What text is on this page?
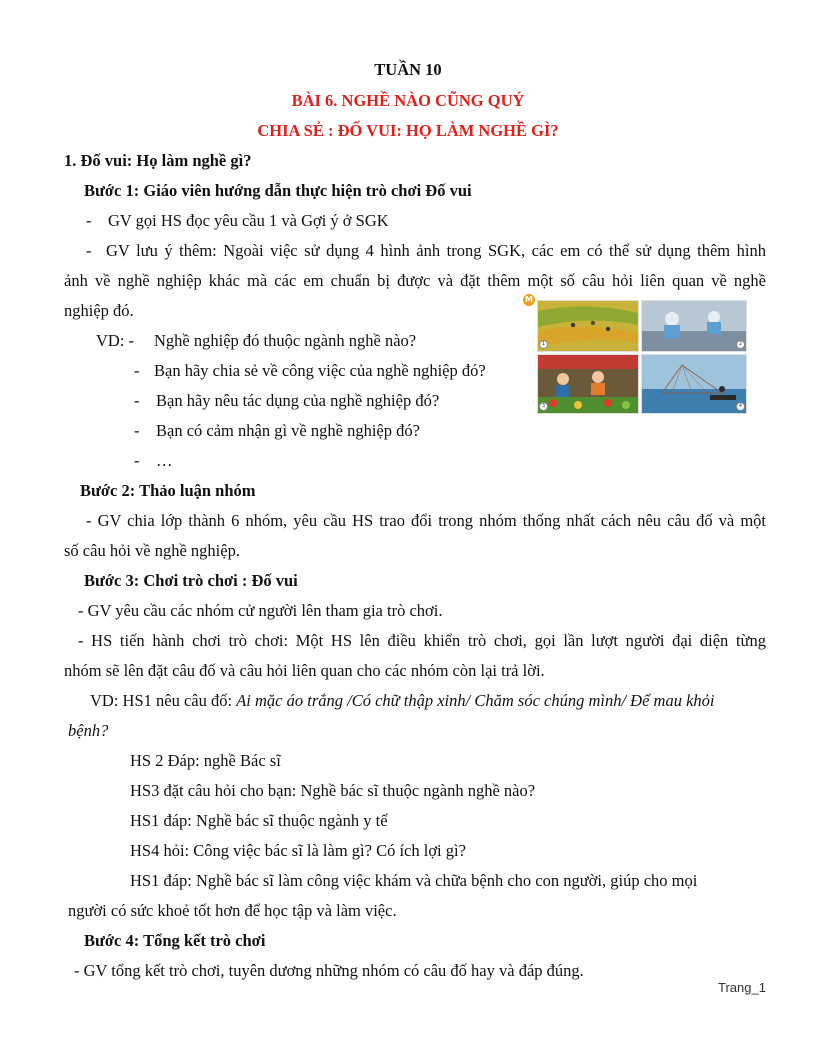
TUẦN 10
BÀI 6. NGHỀ NÀO CŨNG QUÝ
CHIA SẺ : ĐỐ VUI: HỌ LÀM NGHỀ GÌ?
1. Đố vui: Họ làm nghề gì?
Bước 1: Giáo viên hướng dẫn thực hiện trò chơi Đố vui
- GV gọi HS đọc yêu cầu 1 và Gợi ý ở SGK
- GV lưu ý thêm: Ngoài việc sử dụng 4 hình ảnh trong SGK, các em có thể sử dụng thêm hình
ảnh về nghề nghiệp khác mà các em chuẩn bị được và đặt thêm một số câu hỏi liên quan về nghề
nghiệp đó.
VD: - Nghề nghiệp đó thuộc ngành nghề nào?
- Bạn hãy chia sẻ về công việc của nghề nghiệp đó?
- Bạn hãy nêu tác dụng của nghề nghiệp đó?
- Bạn có cảm nhận gì về nghề nghiệp đó?
- …
1	2
3	4
M
Bước 2: Thảo luận nhóm
- GV chia lớp thành 6 nhóm, yêu cầu HS trao đổi trong nhóm thống nhất cách nêu câu đố và một
số câu hỏi về nghề nghiệp.
Bước 3: Chơi trò chơi : Đố vui
- GV yêu cầu các nhóm cử người lên tham gia trò chơi.
- HS tiến hành chơi trò chơi: Một HS lên điều khiển trò chơi, gọi lần lượt người đại diện từng
nhóm sẽ lên đặt câu đố và câu hỏi liên quan cho các nhóm còn lại trả lời.
VD: HS1 nêu câu đố: Ai mặc áo trắng /Có chữ thập xinh/ Chăm sóc chúng mình/ Để mau khỏi
bệnh?
HS 2 Đáp: nghề Bác sĩ
HS3 đặt câu hỏi cho bạn: Nghề bác sĩ thuộc ngành nghề nào?
HS1 đáp: Nghề bác sĩ thuộc ngành y tế
HS4 hỏi: Công việc bác sĩ là làm gì? Có ích lợi gì?
HS1 đáp: Nghề bác sĩ làm công việc khám và chữa bệnh cho con người, giúp cho mọi
người có sức khoẻ tốt hơn để học tập và làm việc.
Bước 4: Tổng kết trò chơi
- GV tổng kết trò chơi, tuyên dương những nhóm có câu đố hay và đáp đúng.
Trang_1
